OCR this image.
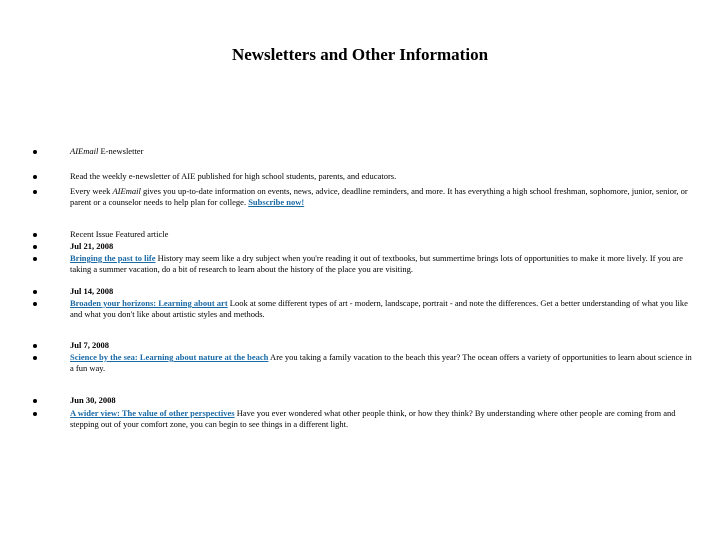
Newsletters and Other Information
AIEmail E-newsletter
Read the weekly e-newsletter of AIE published for high school students, parents, and educators.
Every week AIEmail gives you up-to-date information on events, news, advice, deadline reminders, and more. It has everything a high school freshman, sophomore, junior, senior, or parent or a counselor needs to help plan for college. Subscribe now!
Recent Issue Featured article
Jul 21, 2008
Bringing the past to life History may seem like a dry subject when you're reading it out of textbooks, but summertime brings lots of opportunities to make it more lively. If you are taking a summer vacation, do a bit of research to learn about the history of the place you are visiting.
Jul 14, 2008
Broaden your horizons: Learning about art Look at some different types of art - modern, landscape, portrait - and note the differences. Get a better understanding of what you like and what you don't like about artistic styles and methods.
Jul 7, 2008
Science by the sea: Learning about nature at the beach Are you taking a family vacation to the beach this year? The ocean offers a variety of opportunities to learn about science in a fun way.
Jun 30, 2008
A wider view: The value of other perspectives Have you ever wondered what other people think, or how they think? By understanding where other people are coming from and stepping out of your comfort zone, you can begin to see things in a different light.
